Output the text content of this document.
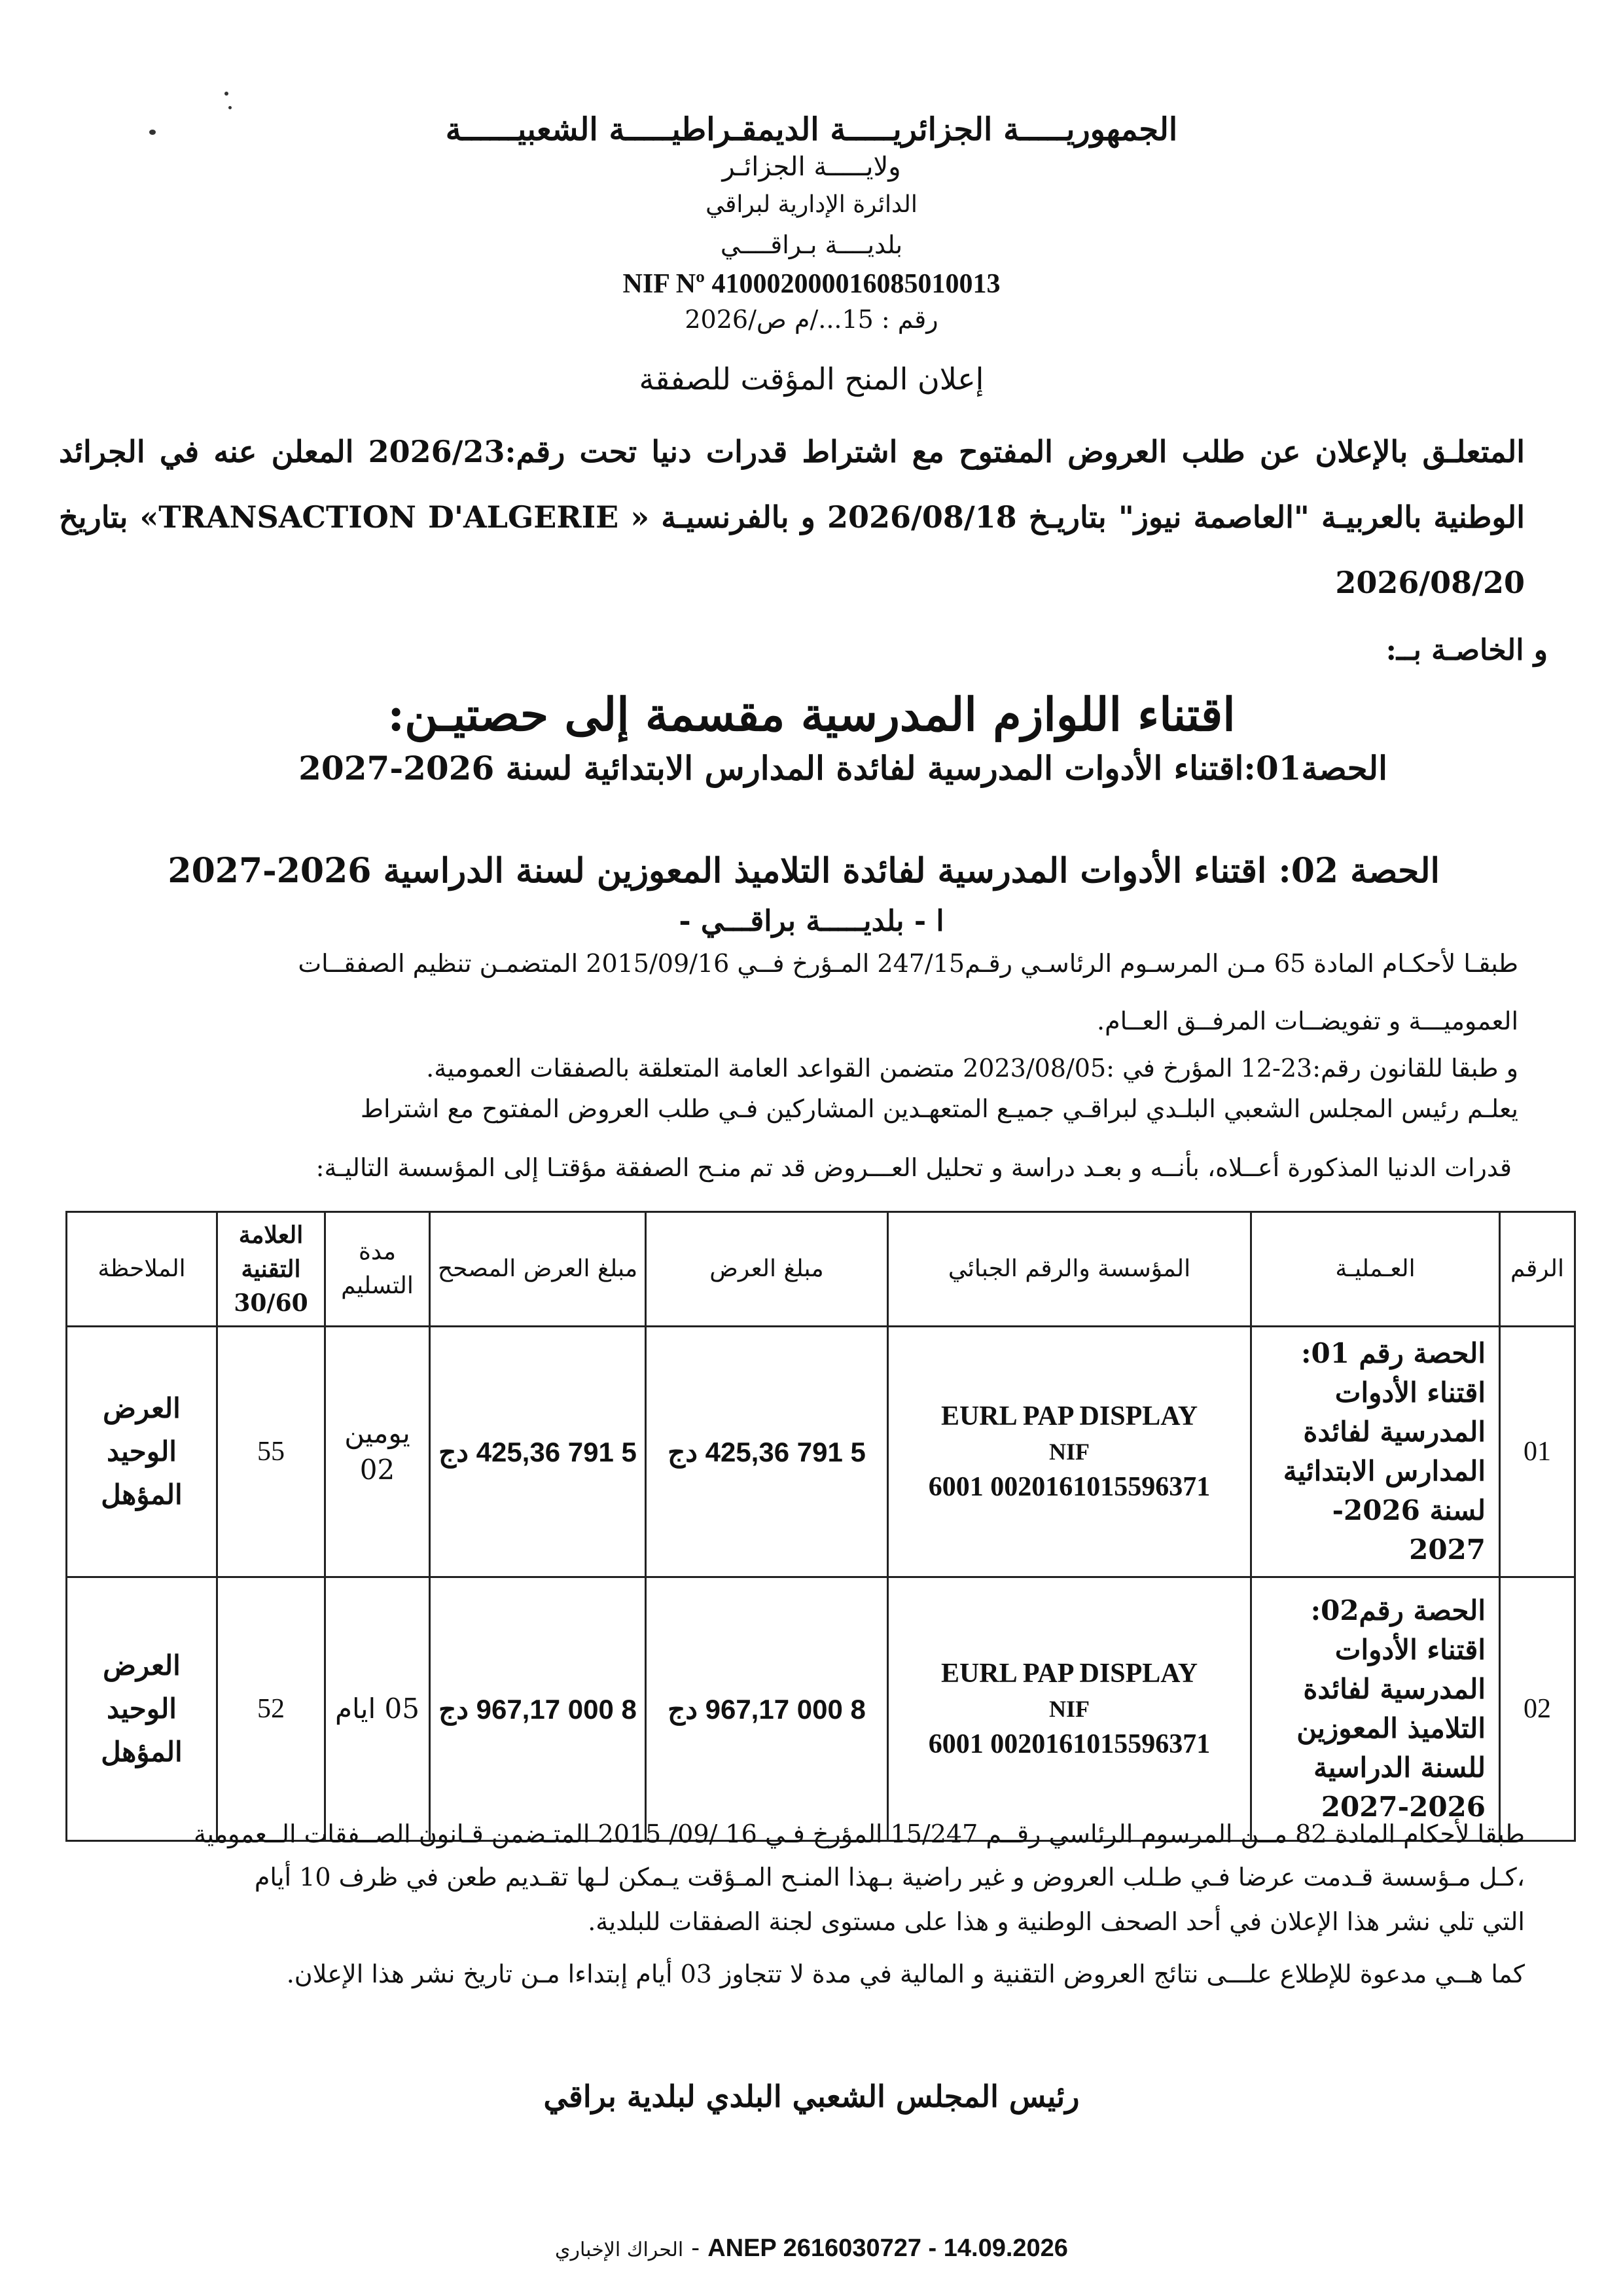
الجمهوريـــــة الجزائريـــــة الديمقـراطيـــــة الشعبيــــــة
ولايـــــة الجزائـر
الدائرة الإدارية لبراقي
بلديــــة بـراقــــي
NIF Nº 410002000016085010013
رقم : 15.../م ص/2026
إعلان المنح المؤقت للصفقة
المتعلـق بالإعلان عن طلب العروض المفتوح مع اشتراط قدرات دنيا تحت رقم:2026/23 المعلن عنه في الجرائد الوطنية بالعربيـة "العاصمة نيوز" بتاريـخ 2026/08/18 و بالفرنسيـة « TRANSACTION D'ALGERIE» بتاريخ 2026/08/20
و الخاصـة بــ:
اقتناء اللوازم المدرسية مقسمة إلى حصتيـن:
الحصة01:اقتناء الأدوات المدرسية لفائدة المدارس الابتدائية لسنة 2026-2027
الحصة 02: اقتناء الأدوات المدرسية لفائدة التلاميذ المعوزين لسنة الدراسية 2026-2027
ا - بلديـــــة براقـــي -
طبقـا لأحكـام المادة 65 مـن المرسـوم الرئاسـي رقـم247/15 المـؤرخ فــي 2015/09/16 المتضمـن تنظيم الصفقــات
العموميـــة و تفويضــات المرفــق العــام.
و طبقا للقانون رقم:23-12 المؤرخ في :2023/08/05 متضمن القواعد العامة المتعلقة بالصفقات العمومية.
يعلـم رئيس المجلس الشعبي البلـدي لبراقـي جميـع المتعهـدين المشاركين فـي طلب العروض المفتوح مع اشتراط
قدرات الدنيا المذكورة أعــلاه، بأنــه و بعـد دراسة و تحليل العـــروض قد تم منـح الصفقة مؤقتـا إلى المؤسسة التاليـة:
الرقم	العـمليـة	المؤسسة والرقم الجبائي	مبلغ العرض	مبلغ العرض المصحح	مدة التسليم	العلامة التقنية 30/60	الملاحظة
01	الحصة رقم 01: اقتناء الأدوات المدرسية لفائدة المدارس الابتدائية لسنة 2026-2027	EURL PAP DISPLAY
NIF
0020161015596371 6001	5 791 425,36 دج	5 791 425,36 دج	يومين 02	55	العرض الوحيد المؤهل
02	الحصة رقم02: اقتناء الأدوات المدرسية لفائدة التلاميذ المعوزين للسنة الدراسية 2026-2027	EURL PAP DISPLAY
NIF
0020161015596371 6001	8 000 967,17 دج	8 000 967,17 دج	05 ايام	52	العرض الوحيد المؤهل
طبقا لأحكام المادة 82 مــن المرسوم الرئاسي رقــم 15/247 المؤرخ فـي 16 /09/ 2015 المتـضمن قـانون الصــفقات الــعمومية
،كـل مـؤسسة قـدمت عرضا فـي طـلب العروض و غير راضية بـهذا المنـح المـؤقت يـمكن لـها تقـديم طعن في ظرف 10 أيام
التي تلي نشر هذا الإعلان في أحد الصحف الوطنية و هذا على مستوى لجنة الصفقات للبلدية.
كما هــي مدعوة للإطلاع علـــى نتائج العروض التقنية و المالية في مدة لا تتجاوز 03 أيام إبتداءا مـن تاريخ نشر هذا الإعلان.
رئيس المجلس الشعبي البلدي لبلدية براقي
الحراك الإخباري - ANEP 2616030727 - 14.09.2026
